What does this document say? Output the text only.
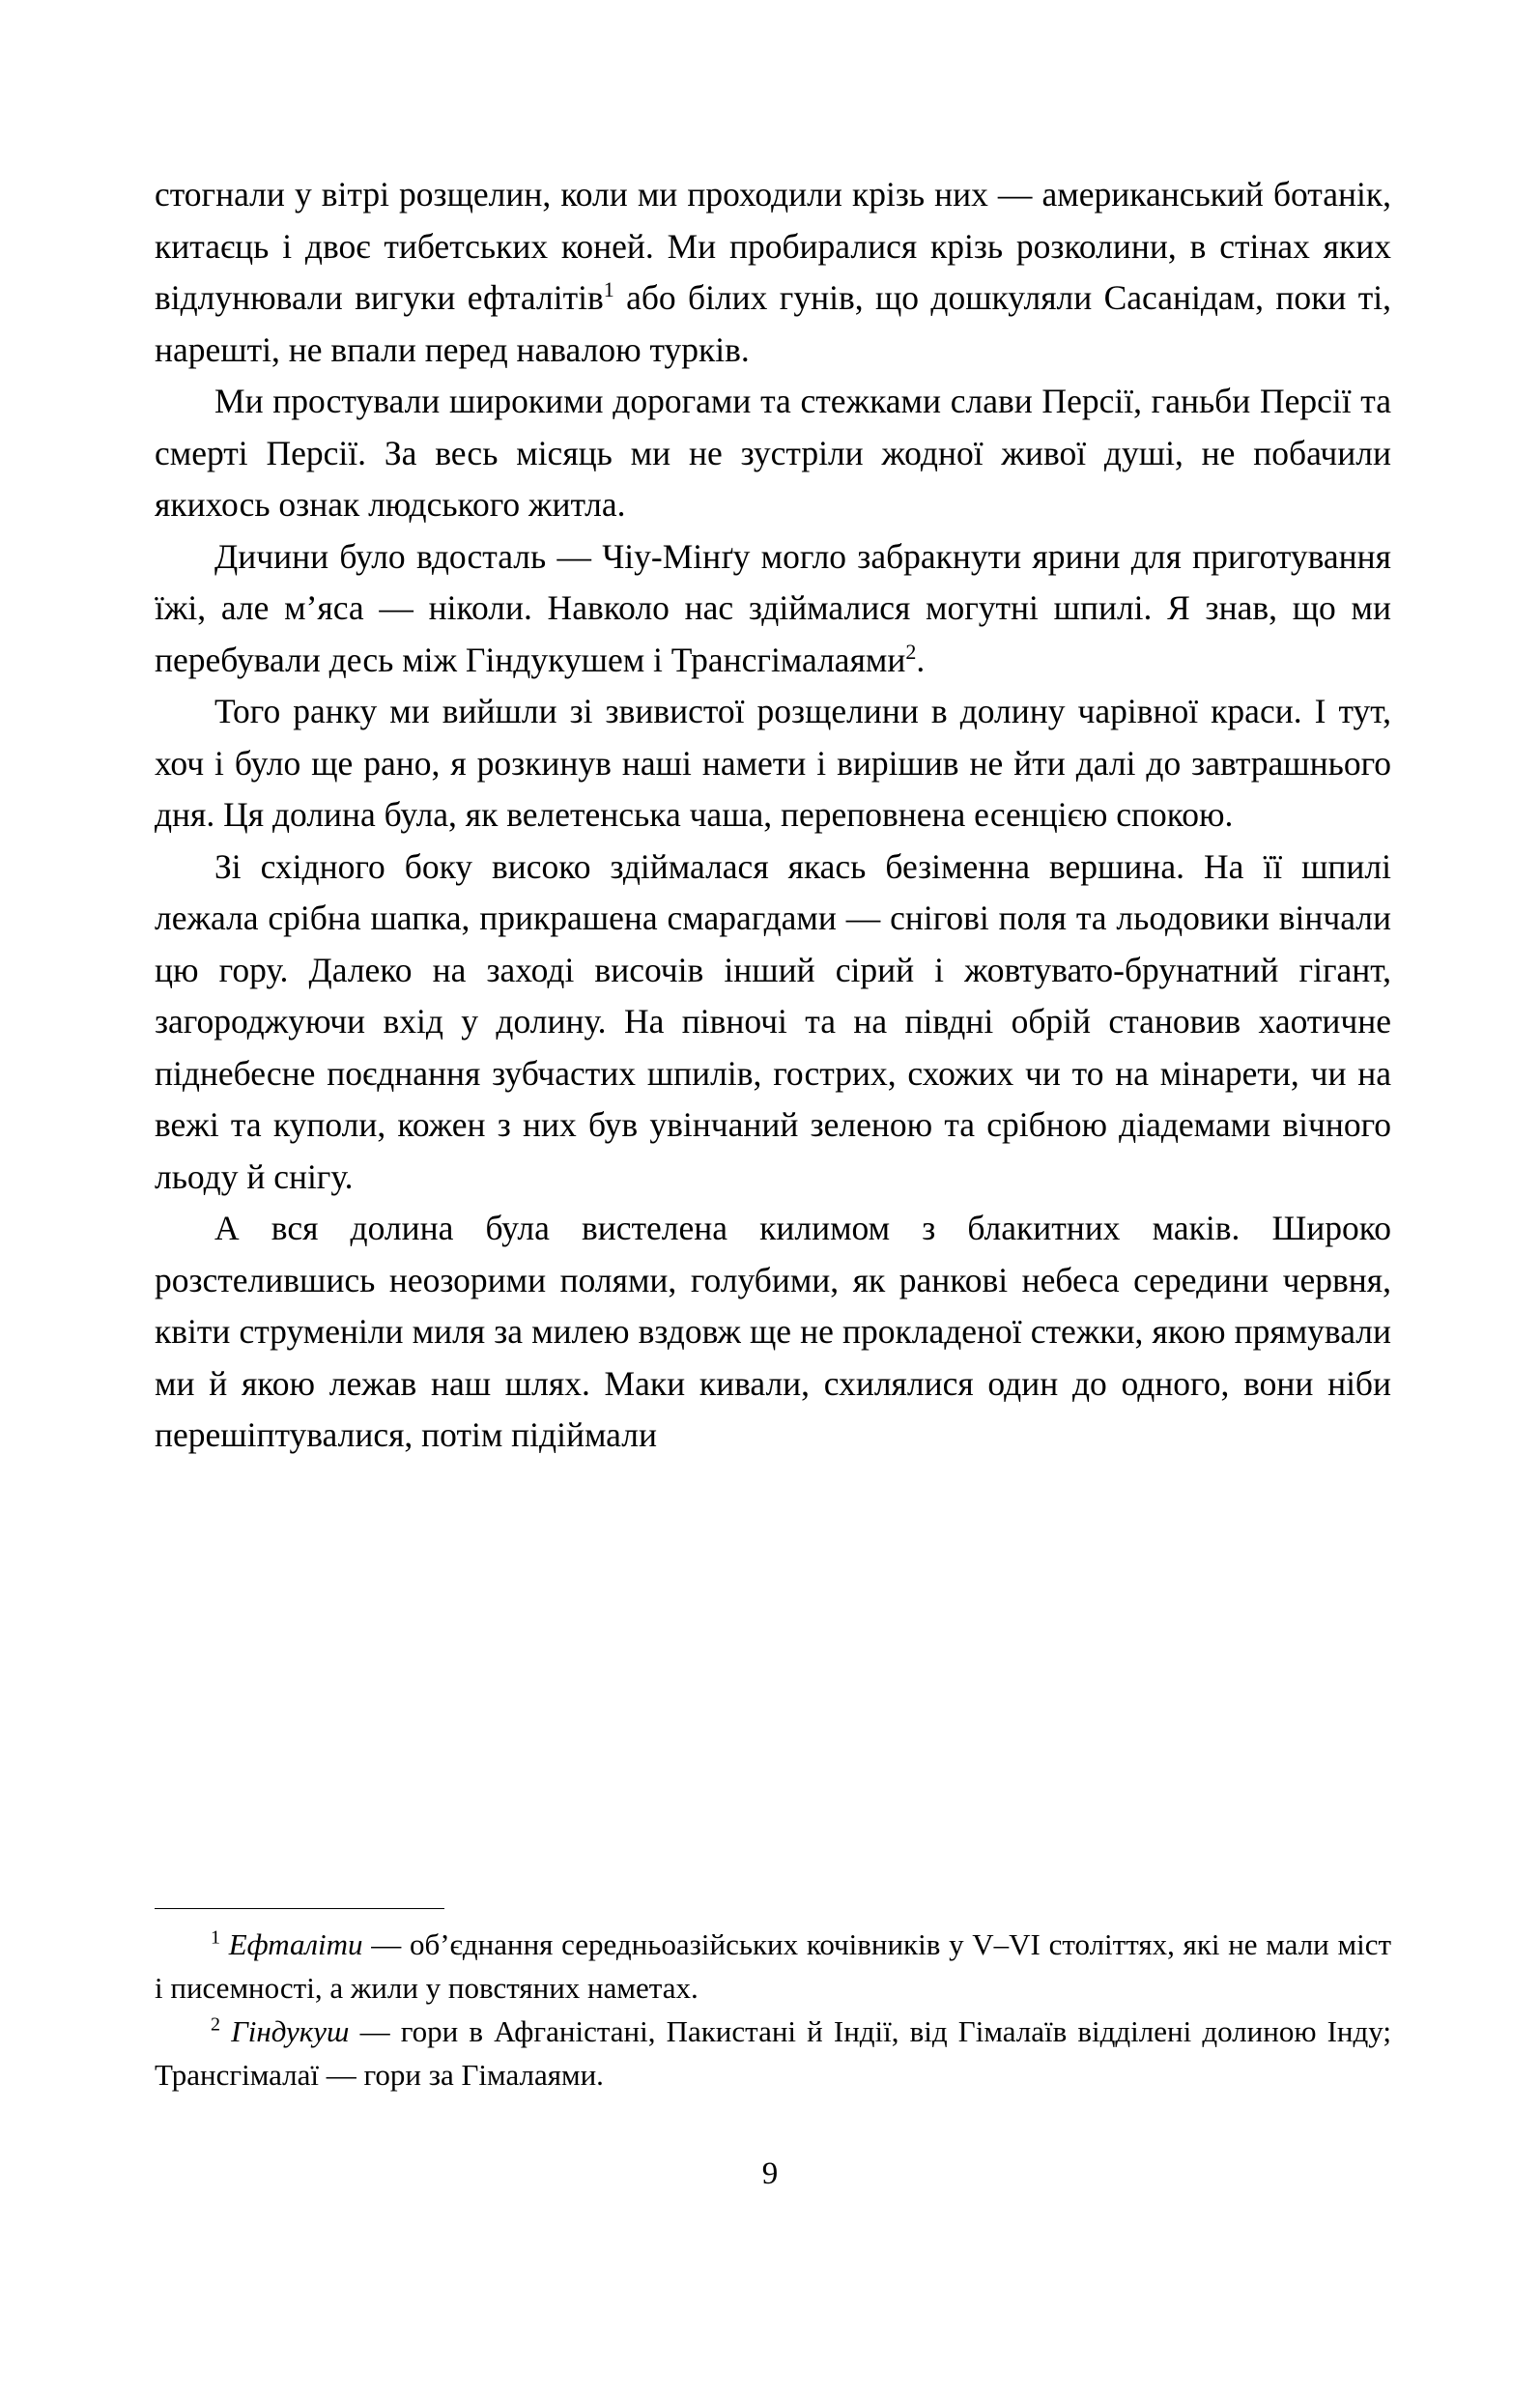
стогнали у вітрі розщелин, коли ми проходили крізь них — американський ботанік, китаєць і двоє тибетських коней. Ми пробиралися крізь розколини, в стінах яких відлунювали вигуки ефталітів$^1$ або білих гунів, що дошкуляли Сасанідам, поки ті, нарешті, не впали перед навалою турків.

Ми простували широкими дорогами та стежками слави Персії, ганьби Персії та смерті Персії. За весь місяць ми не зустріли жодної живої душі, не побачили якихось ознак людського житла.

Дичини було вдосталь — Чіу-Мінґу могло забракнути ярини для приготування їжі, але м’яса — ніколи. Навколо нас здіймалися могутні шпилі. Я знав, що ми перебували десь між Гіндукушем і Трансгімалаями$^2$.

Того ранку ми вийшли зі звивистої розщелини в долину чарівної краси. І тут, хоч і було ще рано, я розкинув наші намети і вирішив не йти далі до завтрашнього дня. Ця долина була, як велетенська чаша, переповнена есенцією спокою.

Зі східного боку високо здіймалася якась безіменна вершина. На її шпилі лежала срібна шапка, прикрашена смарагдами — снігові поля та льодовики вінчали цю гору. Далеко на заході височів інший сірий і жовтувато-брунатний гігант, загороджуючи вхід у долину. На півночі та на півдні обрій становив хаотичне піднебесне поєднання зубчастих шпилів, гострих, схожих чи то на мінарети, чи на вежі та куполи, кожен з них був увінчаний зеленою та срібною діадемами вічного льоду й снігу.

А вся долина була вистелена килимом з блакитних маків. Широко розстелившись неозорими полями, голубими, як ранкові небеса середини червня, квіти струменіли миля за милею вздовж ще не прокладеної стежки, якою прямували ми й якою лежав наш шлях. Маки кивали, схилялися один до одного, вони ніби перешіптувалися, потім підіймали

$^1$ Ефталіти — об’єднання середньоазійських кочівників у V–VI століттях, які не мали міст і писемності, а жили у повстяних наметах.

$^2$ Гіндукуш — гори в Афганістані, Пакистані й Індії, від Гімалаїв відділені долиною Інду; Трансгімалаї — гори за Гімалаями.

9
